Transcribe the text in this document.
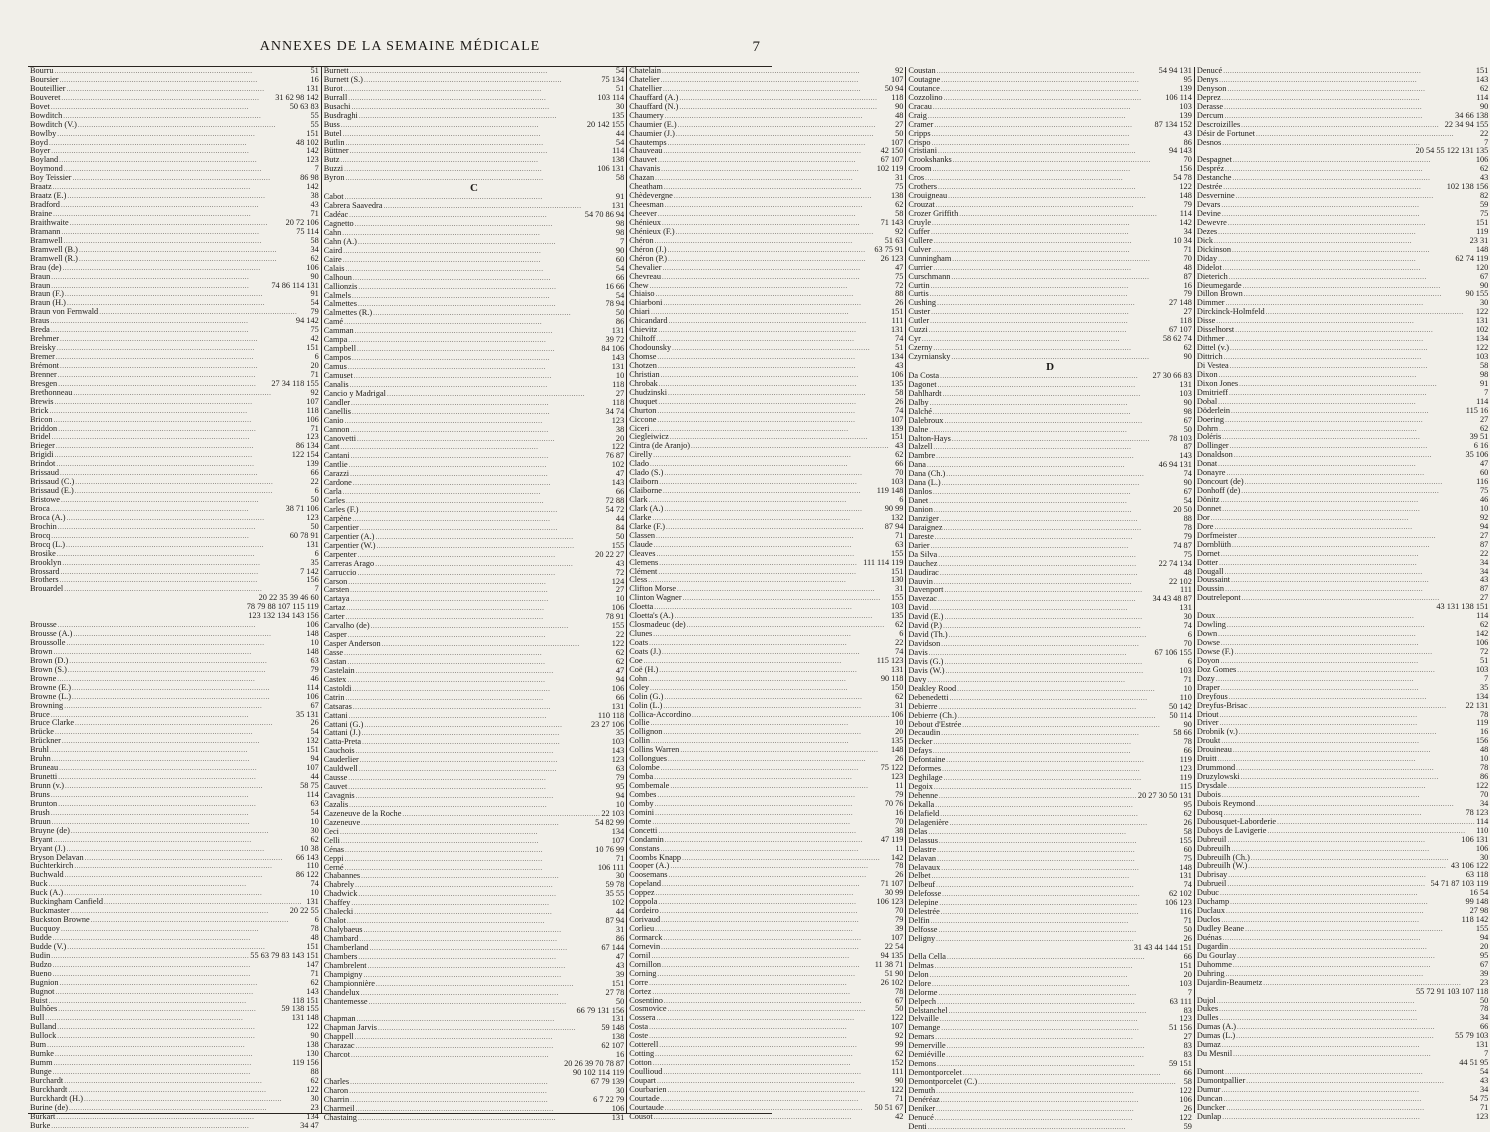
ANNEXES DE LA SEMAINE MÉDICALE	7
Bourru
.....	51
Boursier
.....	16
Bouteillier
.....	131
Bouveret
.....	31 62 98 142
Bovet
.....	50 63 83
Bowditch
.....	55
Bowditch (V.)
.....	55
Bowlby
.....	151
Boyd
.....	48 102
Boyer
.....	142
Boyland
.....	123
Boymond
.....	7
Boy Teissier
.....	86 98
Braatz
.....	142
Braatz (E.)
.....	38
Bradford
.....	43
Braine
.....	71
Braithwaite
.....	20 72 106
Bramann
.....	75 114
Bramwell
.....	58
Bramwell (B.)
.....	34
Bramwell (R.)
.....	62
Brau (de)
.....	106
Braun
.....	90
Braun
.....	74 86 114 131
Braun (F.)
.....	91
Braun (H.)
.....	54
Braun von Fernwald
.....	79
Braus
.....	94 142
Breda
.....	75
Brehmer
.....	42
Breisky
.....	151
Bremer
.....	6
Brémont
.....	20
Brenner
.....	71
Bresgen
.....	27 34 118 155
Brethonneau
.....	92
Brewis
.....	107
Brick
.....	118
Bricon
.....	106
Briddon
.....	71
Bridel
.....	123
Brieger
.....	86 134
Brigidi
.....	122 154
Brindot
.....	139
Brissaud
.....	66
Brissaud (C.)
.....	22
Brissaud (E.)
.....	6
Bristowe
.....	50
Broca
.....	38 71 106
Broca (A.)
.....	123
Brochin
.....	50
Brocq
.....	60 78 91
Brocq (L.)
.....	131
Brosike
.....	6
Brooklyn
.....	35
Brossard
.....	7 142
Brothers
.....	156
Brouardel
.....	7
20 22 35 39 46 60
78 79 88 107 115 119
123 132 134 143 156
Brousse
.....	106
Brousse (A.)
.....	148
Broussolle
.....	10
Brown
.....	148
Brown (D.)
.....	63
Brown (S.)
.....	79
Browne
.....	46
Browne (E.)
.....	114
Browne (L.)
.....	106
Browning
.....	67
Bruce
.....	35 131
Bruce Clarke
.....	26
Brücke
.....	54
Brückner
.....	132
Bruhl
.....	151
Bruhn
.....	94
Bruneau
.....	107
Brunetti
.....	44
Brunn (v.)
.....	58 75
Bruns
.....	114
Brunton
.....	63
Brush
.....	54
Bruun
.....	10
Bruyne (de)
.....	30
Bryant
.....	62
Bryant (J.)
.....	10 38
Bryson Delavan
.....	66 143
Buchterkirch
.....	110
Buchwald
.....	86 122
Buck
.....	74
Buck (A.)
.....	10
Buckingham Canfield
.....	131
Buckmaster
.....	20 22 55
Buckston Browne
.....	6
Bucquoy
.....	78
Budde
.....	48
Budde (V.)
.....	151
Budin
.....	55 63 79 83 143 151
Budzo
.....	147
Bueno
.....	71
Bugnion
.....	62
Bugnot
.....	143
Buist
.....	118 151
Bulhões
.....	59 138 155
Bull
.....	131 148
Bulland
.....	122
Bullock
.....	90
Bum
.....	138
Bumke
.....	130
Bumm
.....	119 156
Bunge
.....	88
Burchardt
.....	62
Burckhardt
.....	122
Burckhardt (H.)
.....	30
Burine (de)
.....	23
Burkart
.....	134
Burke
.....	34 47
Burnett
.....	54
Burnett (S.)
.....	75 134
Burot
.....	51
Burrall
.....	103 114
Busachi
.....	30
Busdraghi
.....	135
Buss
.....	20 142 155
Butel
.....	44
Butlin
.....	54
Büttner
.....	114
Butz
.....	138
Buzzi
.....	106 131
Byron
.....	58
C
Cabot
.....	91
Cabrera Saavedra
.....	131
Cadéac
.....	54 70 86 94
Cagnetto
.....	98
Cahn
.....	98
Cahn (A.)
.....	7
Caird
.....	90
Caire
.....	60
Calais
.....	54
Calhoun
.....	66
Callionzis
.....	16 66
Calmels
.....	54
Calmettes
.....	78 94
Calmettes (R.)
.....	50
Camé
.....	86
Camman
.....	131
Campa
.....	39 72
Campbell
.....	84 106
Campos
.....	143
Camus
.....	131
Camuset
.....	10
Canalis
.....	118
Cancio y Madrigal
.....	27
Candler
.....	118
Canellis
.....	34 74
Canio
.....	123
Cannon
.....	38
Canovetti
.....	20
Cant
.....	122
Cantani
.....	76 87
Cantlie
.....	102
Carazzi
.....	47
Cardone
.....	143
Carla
.....	66
Carles
.....	72 88
Carles (F.)
.....	54 72
Carpène
.....	44
Carpentier
.....	84
Carpentier (A.)
.....	50
Carpentier (W.)
.....	155
Carpenter
.....	20 22 27
Carreras Arago
.....	43
Carruccio
.....	72
Carson
.....	124
Carsten
.....	27
Cartaya
.....	10
Cartaz
.....	106
Carter
.....	78 91
Carvalho (de)
.....	155
Casper
.....	22
Casper Anderson
.....	122
Casse
.....	62
Castan
.....	62
Castelain
.....	47
Castex
.....	94
Castoldi
.....	106
Catrin
.....	66
Catsaras
.....	131
Cattani
.....	110 118
Cattani (G.)
.....	23 27 106
Cattani (J.)
.....	35
Catta-Preta
.....	103
Cauchois
.....	143
Cauderlier
.....	123
Cauldwell
.....	63
Causse
.....	79
Cauvet
.....	95
Cavagnis
.....	94
Cazalis
.....	10
Cazeneuve de la Roche
.....	22 103
Cazeneuve
.....	54 82 99
Ceci
.....	134
Celli
.....	107
Cénas
.....	10 76 99
Ceppi
.....	71
Cerné
.....	106 111
Chabannes
.....	30
Chabrely
.....	59 78
Chadwick
.....	35 55
Chaffey
.....	102
Chalecki
.....	44
Chalot
.....	87 94
Chalybaeus
.....	31
Chambard
.....	86
Chamberland
.....	67 144
Chambers
.....	47
Chambrelent
.....	43
Champigny
.....	39
Championnière
.....	151
Chandelux
.....	27 78
Chantemesse
.....	50
66 79 131 156
Chapman
.....	131
Chapman Jarvis
.....	59 148
Chappell
.....	138
Charazac
.....	62 107
Charcot
.....	16
20 26 39 70 78 87
90 102 114 119
Charles
.....	67 79 139
Charon
.....	30
Charrin
.....	6 7 22 79
Charmeil
.....	106
Chastaing
.....	131
Chatelain
.....	92
Chatelier
.....	107
Chatellier
.....	50 94
Chauffard (A.)
.....	118
Chauffard (N.)
.....	90
Chaumery
.....	48
Chaumier (E.)
.....	27
Chaumier (J.)
.....	50
Chautemps
.....	107
Chauveau
.....	42 150
Chauvet
.....	67 107
Chavanis
.....	102 119
Chazan
.....	31
Cheatham
.....	75
Chèdevergne
.....	138
Cheesman
.....	62
Cheever
.....	58
Chénieux
.....	71 143
Chénieux (F.)
.....	92
Chéron
.....	51 63
Chéron (J.)
.....	63 75 91
Chéron (P.)
.....	26 123
Chevalier
.....	47
Chevreau
.....	75
Chew
.....	72
Chiaiso
.....	88
Chiarboni
.....	26
Chiari
.....	151
Chicandard
.....	111
Chievitz
.....	131
Chiltoff
.....	74
Chodounsky
.....	51
Chomse
.....	134
Chotzen
.....	43
Christian
.....	106
Chrobak
.....	135
Chudzinski
.....	58
Chuquet
.....	26
Churton
.....	74
Ciccone
.....	107
Ciceri
.....	139
Ciegleiwicz
.....	151
Cintra (de Aranjo)
.....	43
Cirelly
.....	62
Clado
.....	66
Clado (S.)
.....	70
Claiborn
.....	103
Claiborne
.....	119 148
Clark
.....	6
Clark (A.)
.....	90 99
Clarke
.....	132
Clarke (F.)
.....	87 94
Classen
.....	71
Claude
.....	63
Cleaves
.....	155
Clemens
.....	111 114 119
Clément
.....	151
Cless
.....	130
Clifton Morse
.....	31
Clinton Wagner
.....	155
Cloetta
.....	103
Cloetta's (A.)
.....	135
Closmadeuc (de)
.....	62
Clunes
.....	6
Coats
.....	22
Coats (J.)
.....	74
Coe
.....	115 123
Coë (H.)
.....	131
Cohn
.....	90 118
Coley
.....	150
Colin (G.)
.....	62
Colin (L.)
.....	31
Collica-Accordino
.....	106
Collie
.....	10
Collignon
.....	20
Collin
.....	135
Collins Warren
.....	148
Collongues
.....	26
Colombe
.....	75 122
Comba
.....	123
Combemale
.....	11
Combes
.....	79
Comby
.....	70 76
Comini
.....	16
Comte
.....	70
Concetti
.....	38
Condamin
.....	47 119
Constans
.....	11
Coombs Knapp
.....	142
Cooper (A.)
.....	78
Coosemans
.....	26
Copeland
.....	71 107
Coppez
.....	30 99
Coppola
.....	106 123
Cordeiro
.....	70
Corivaud
.....	79
Corlieu
.....	39
Cormarck
.....	107
Cornevin
.....	22 54
Cornil
.....	94 135
Cornillon
.....	11 38 71
Corning
.....	51 90
Corre
.....	26 102
Cortez
.....	78
Cosentino
.....	67
Cosmovice
.....	50
Cossera
.....	122
Costa
.....	107
Coste
.....	92
Cotterell
.....	99
Cotting
.....	62
Cotton
.....	152
Coullioud
.....	111
Coupart
.....	90
Courbarien
.....	122
Courtade
.....	71
Courtaude
.....	50 51 67
Cousot
.....	42
Coustan
.....	54 94 131
Coutagne
.....	95
Coutance
.....	139
Cozzolino
.....	106 114
Cracau
.....	103
Craig
.....	139
Cramer
.....	87 134 152
Cripps
.....	43
Crispo
.....	86
Cristiani
.....	94 143
Crookshanks
.....	70
Croom
.....	156
Cros
.....	54 78
Crothers
.....	122
Crouigneau
.....	148
Crouzat
.....	79
Crozer Griffith
.....	114
Cruyle
.....	142
Cuffer
.....	34
Cullere
.....	10 34
Culver
.....	71
Cunningham
.....	70
Currier
.....	48
Curschmann
.....	87
Curtin
.....	16
Curtis
.....	79
Cushing
.....	27 148
Custer
.....	27
Cutler
.....	118
Cuzzi
.....	67 107
Cyr
.....	58 62 74
Czerny
.....	62
Czyrniansky
.....	90
D
Da Costa
.....	27 30 66 83
Dagonet
.....	131
Dahlhardt
.....	103
Dalby
.....	90
Dalché
.....	98
Dalebroux
.....	67
Dalne
.....	50
Dalton-Hays
.....	78 103
Dalzell
.....	87
Dambre
.....	143
Dana
.....	46 94 131
Dana (Ch.)
.....	74
Dana (L.)
.....	90
Danlos
.....	67
Danet
.....	54
Danion
.....	20 50
Danziger
.....	88
Daraignez
.....	78
Dareste
.....	79
Darier
.....	74 87
Da Silva
.....	75
Dauchez
.....	22 74 134
Daudirac
.....	48
Dauvin
.....	22 102
Davenport
.....	111
Davezac
.....	34 43 48 87
David
.....	131
David (E.)
.....	30
David (P.)
.....	74
David (Th.)
.....	6
Davidson
.....	70
Davis
.....	67 106 155
Davis (G.)
.....	6
Davis (W.)
.....	103
Davy
.....	71
Deakley Rood
.....	10
Debenedetti
.....	110
Debierre
.....	50 142
Debierre (Ch.)
.....	50 114
Debout d'Estrée
.....	90
Decaudin
.....	58 66
Decker
.....	78
Defays
.....	66
Defontaine
.....	119
Deformes
.....	123
Deghilage
.....	119
Degoix
.....	115
Dehenne
.....	20 27 30 50 131
Dekalla
.....	95
Delafield
.....	62
Delagenière
.....	26
Delas
.....	58
Delassus
.....	155
Delastre
.....	60
Delavan
.....	75
Delavaux
.....	148
Delbet
.....	131
Delbeuf
.....	74
Delefosse
.....	62 102
Delepine
.....	106 123
Delestrée
.....	116
Delfin
.....	71
Delfosse
.....	50
Deligny
.....	26
31 43 44 144 151
Della Cella
.....	66
Delmas
.....	151
Delon
.....	20
Delore
.....	103
Delorme
.....	7
Delpech
.....	63 111
Delstanchel
.....	83
Delvaille
.....	123
Demange
.....	51 156
Demars
.....	27
Demerville
.....	83
Demiéville
.....	83
Demons
.....	59 151
Demontporcelet
.....	66
Demontporcelet (C.)
.....	58
Demuth
.....	122
Denéréaz
.....	106
Deniker
.....	26
Denucé
.....	122
Denti
.....	59
Denucé
.....	151
Denys
.....	143
Denyson
.....	62
Deprez
.....	114
Derasse
.....	90
Dercum
.....	34 66 138
Descroizilles
.....	22 34 94 155
Désir de Fortunet
.....	22
Desnos
.....	7
20 54 55 122 131 135
Despagnet
.....	106
Despréz
.....	62
Destanche
.....	43
Destrée
.....	102 138 156
Desvernine
.....	82
Devars
.....	59
Devine
.....	75
Dewevre
.....	151
Dezes
.....	119
Dick
.....	23 31
Dickinson
.....	148
Diday
.....	62 74 119
Didelot
.....	120
Dieterich
.....	67
Dieumegarde
.....	90
Dillon Brown
.....	90 155
Dimmer
.....	30
Dirckinck-Holmfeld
.....	122
Disse
.....	131
Disselhorst
.....	102
Dithmer
.....	134
Dittel (v.)
.....	122
Dittrich
.....	103
Di Vestea
.....	58
Dixon
.....	98
Dixon Jones
.....	91
Dmitrieff
.....	7
Dobal
.....	114
Döderlein
.....	115 16
Doering
.....	27
Dohrn
.....	62
Doléris
.....	39 51
Dollinger
.....	6 16
Donaldson
.....	35 106
Donat
.....	47
Donayre
.....	60
Doncourt (de)
.....	116
Donhoff (de)
.....	75
Dönitz
.....	46
Donnet
.....	10
Dor
.....	92
Dore
.....	94
Dorfmeister
.....	27
Dornblüth
.....	87
Dornet
.....	22
Dotter
.....	34
Dougall
.....	34
Doussaint
.....	43
Doussin
.....	87
Doutrelepont
.....	27
43 131 138 151
Doux
.....	114
Dowling
.....	62
Down
.....	142
Dowse
.....	106
Dowse (F.)
.....	72
Doyon
.....	51
Doz Gomes
.....	103
Dozy
.....	7
Draper
.....	35
Dreyfous
.....	134
Dreyfus-Brisac
.....	22 131
Driout
.....	78
Driver
.....	119
Drobnik (v.)
.....	16
Droukt
.....	156
Drouineau
.....	48
Druitt
.....	10
Drummond
.....	78
Druzylowski
.....	86
Drysdale
.....	122
Dubois
.....	70
Dubois Reymond
.....	34
Dubosq
.....	78 123
Dubousquet-Laborderie
.....	114
Duboys de Lavigerie
.....	110
Dubreuil
.....	106 131
Dubreuilh
.....	106
Dubreuilh (Ch.)
.....	30
Dubreuilh (W.)
.....	43 106 122
Dubrisay
.....	63 118
Dubrueil
.....	54 71 87 103 119
Dubuc
.....	16 54
Duchamp
.....	99 148
Duclaux
.....	27 98
Duclos
.....	118 142
Dudley Beane
.....	155
Duénas
.....	94
Dugardin
.....	20
Du Gourlay
.....	95
Duhomme
.....	67
Duhring
.....	39
Dujardin-Beaumetz
.....	23
55 72 91 103 107 118
Dujol
.....	50
Dukes
.....	78
Dulles
.....	34
Dumas (A.)
.....	66
Dumas (L.)
.....	55 79 103
Dumaz
.....	131
Du Mesnil
.....	7
44 51 95
Dumont
.....	54
Dumontpallier
.....	43
Dumur
.....	34
Duncan
.....	54 75
Duncker
.....	71
Dunlap
.....	123
